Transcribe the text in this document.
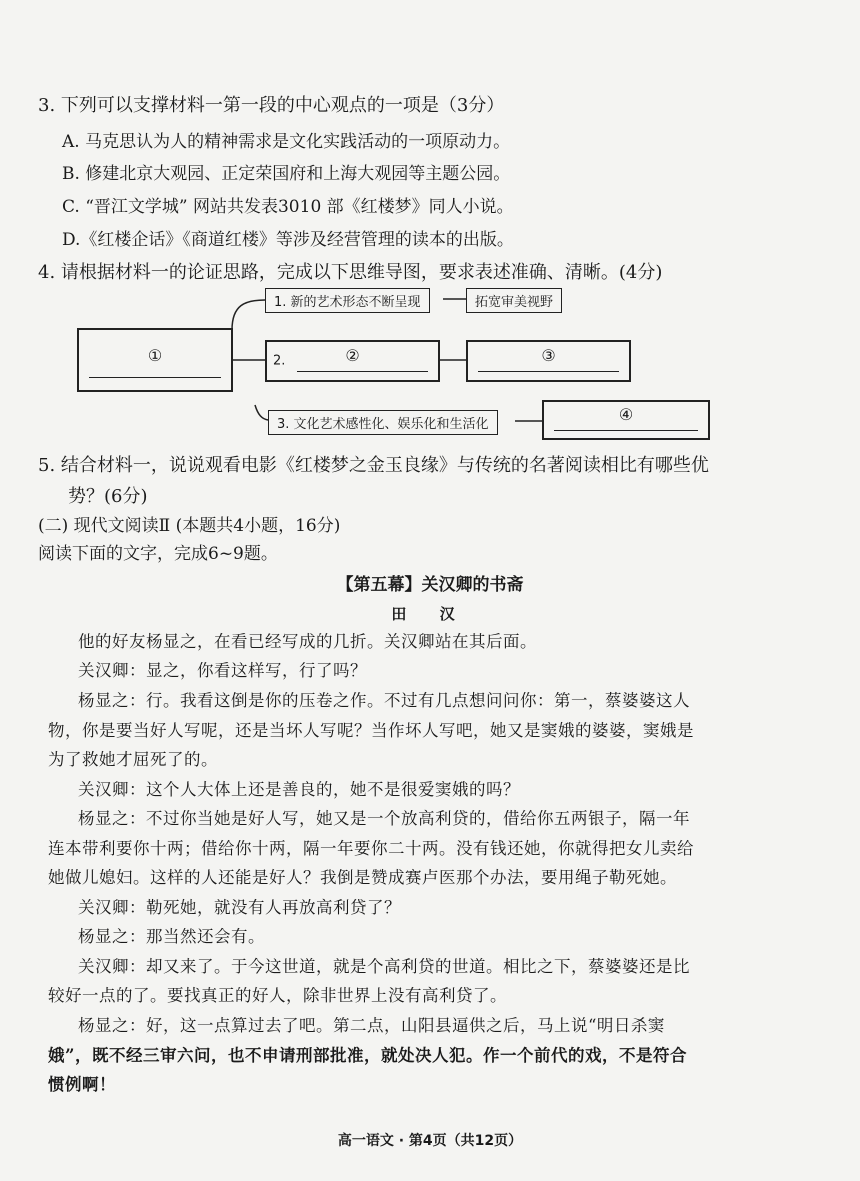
3. 下列可以支撑材料一第一段的中心观点的一项是（3分）
A. 马克思认为人的精神需求是文化实践活动的一项原动力。
B. 修建北京大观园、正定荣国府和上海大观园等主题公园。
C. “晋江文学城” 网站共发表3010 部《红楼梦》同人小说。
D.《红楼企话》《商道红楼》等涉及经营管理的读本的出版。
4. 请根据材料一的论证思路，完成以下思维导图，要求表述准确、清晰。(4分)
①
1. 新的艺术形态不断呈现	拓宽审美视野
2.	②	③
3. 文化艺术感性化、娱乐化和生活化
④
5. 结合材料一，说说观看电影《红楼梦之金玉良缘》与传统的名著阅读相比有哪些优
势？(6分)
(二) 现代文阅读Ⅱ (本题共4小题，16分)
阅读下面的文字，完成6~9题。
【第五幕】关汉卿的书斋
田 汉
他的好友杨显之，在看已经写成的几折。关汉卿站在其后面。
关汉卿：显之，你看这样写，行了吗？
杨显之：行。我看这倒是你的压卷之作。不过有几点想问问你：第一，蔡婆婆这人
物，你是要当好人写呢，还是当坏人写呢？当作坏人写吧，她又是窦娥的婆婆，窦娥是
为了救她才屈死了的。
关汉卿：这个人大体上还是善良的，她不是很爱窦娥的吗？
杨显之：不过你当她是好人写，她又是一个放高利贷的，借给你五两银子，隔一年
连本带利要你十两；借给你十两，隔一年要你二十两。没有钱还她，你就得把女儿卖给
她做儿媳妇。这样的人还能是好人？我倒是赞成赛卢医那个办法，要用绳子勒死她。
关汉卿：勒死她，就没有人再放高利贷了？
杨显之：那当然还会有。
关汉卿：却又来了。于今这世道，就是个高利贷的世道。相比之下，蔡婆婆还是比
较好一点的了。要找真正的好人，除非世界上没有高利贷了。
杨显之：好，这一点算过去了吧。第二点，山阳县逼供之后，马上说“明日杀窦
娥”，既不经三审六问，也不申请刑部批准，就处决人犯。作一个前代的戏，不是符合
惯例啊！
高一语文 · 第4页（共12页）
